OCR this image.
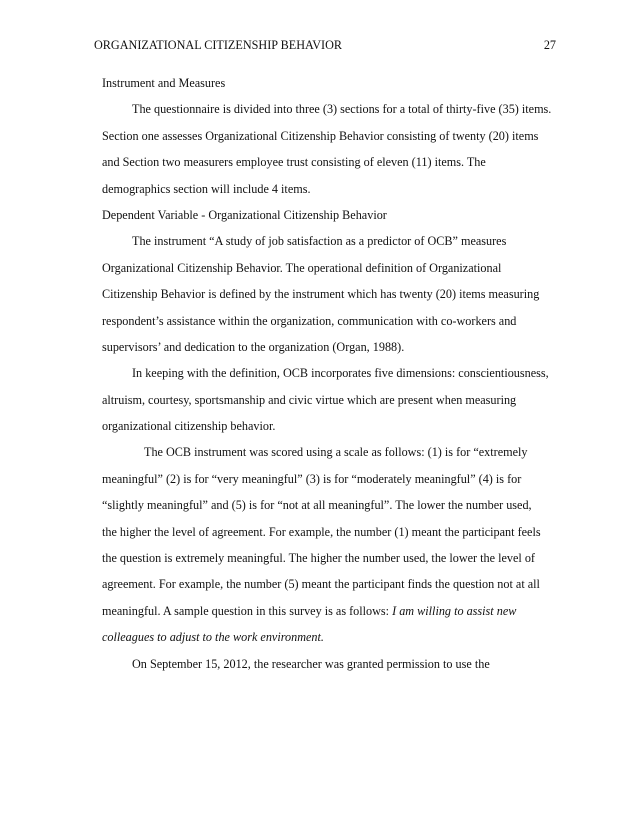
ORGANIZATIONAL CITIZENSHIP BEHAVIOR	27
Instrument and Measures
The questionnaire is divided into three (3) sections for a total of thirty-five (35) items.
Section one assesses Organizational Citizenship Behavior consisting of twenty (20) items
and Section two measurers employee trust consisting of eleven (11) items. The
demographics section will include 4 items.
Dependent Variable - Organizational Citizenship Behavior
The instrument “A study of job satisfaction as a predictor of OCB” measures
Organizational Citizenship Behavior. The operational definition of Organizational
Citizenship Behavior is defined by the instrument which has twenty (20) items measuring
respondent’s assistance within the organization, communication with co-workers and
supervisors’ and dedication to the organization (Organ, 1988).
In keeping with the definition, OCB incorporates five dimensions: conscientiousness,
altruism, courtesy, sportsmanship and civic virtue which are present when measuring
organizational citizenship behavior.
The OCB instrument was scored using a scale as follows: (1) is for “extremely
meaningful” (2) is for “very meaningful” (3) is for “moderately meaningful” (4) is for
“slightly meaningful” and (5) is for “not at all meaningful”. The lower the number used,
the higher the level of agreement. For example, the number (1) meant the participant feels
the question is extremely meaningful. The higher the number used, the lower the level of
agreement. For example, the number (5) meant the participant finds the question not at all
meaningful. A sample question in this survey is as follows: I am willing to assist new
colleagues to adjust to the work environment.
On September 15, 2012, the researcher was granted permission to use the
